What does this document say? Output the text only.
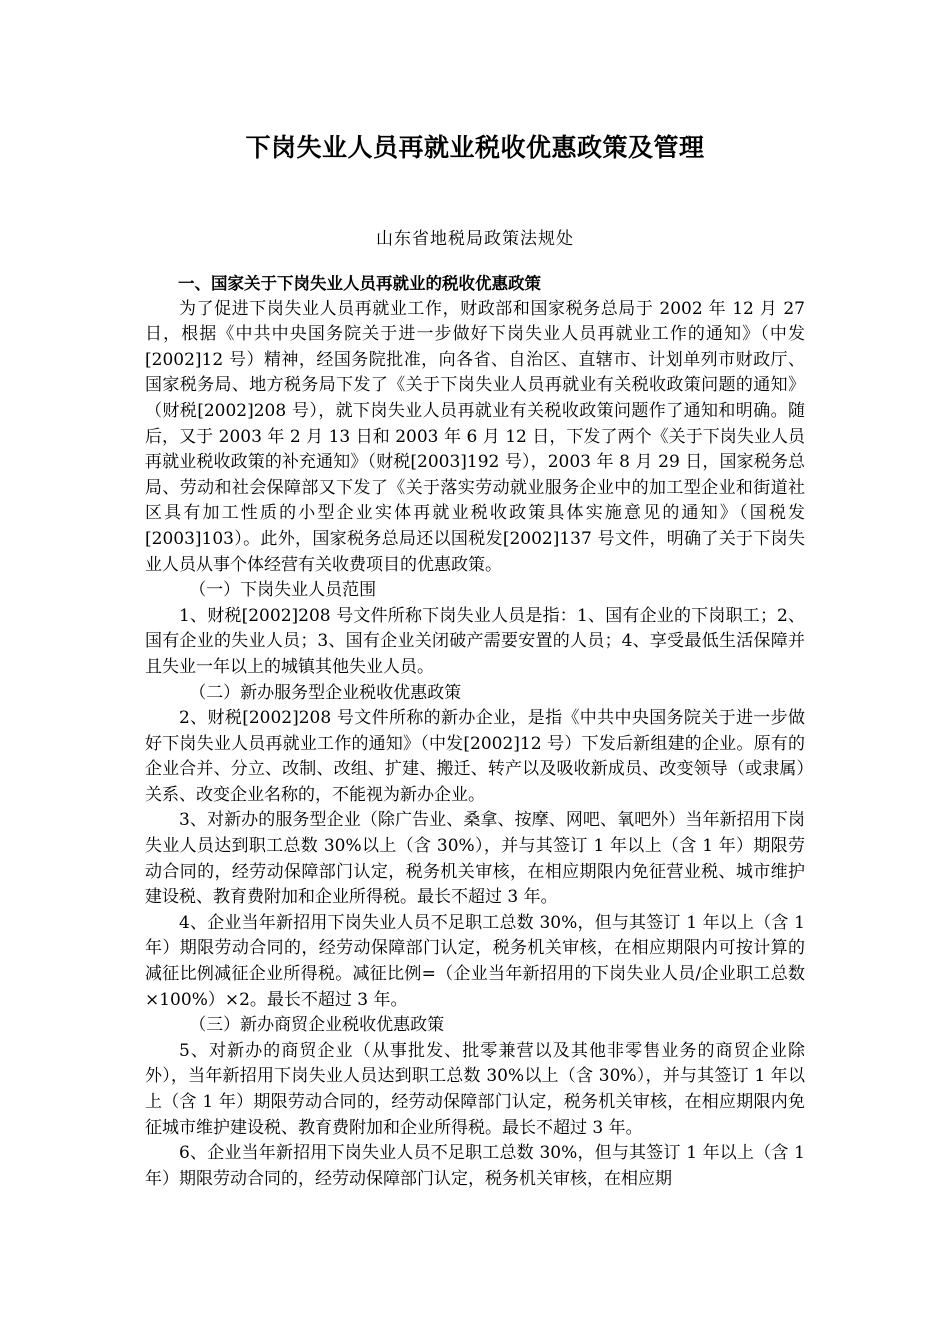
下岗失业人员再就业税收优惠政策及管理
山东省地税局政策法规处

一、国家关于下岗失业人员再就业的税收优惠政策

为了促进下岗失业人员再就业工作，财政部和国家税务总局于 2002 年 12 月 27 日，根据《中共中央国务院关于进一步做好下岗失业人员再就业工作的通知》（中发[2002]12 号）精神，经国务院批准，向各省、自治区、直辖市、计划单列市财政厅、国家税务局、地方税务局下发了《关于下岗失业人员再就业有关税收政策问题的通知》（财税[2002]208 号），就下岗失业人员再就业有关税收政策问题作了通知和明确。随后，又于 2003 年 2 月 13 日和 2003 年 6 月 12 日，下发了两个《关于下岗失业人员再就业税收政策的补充通知》（财税[2003]192 号），2003 年 8 月 29 日，国家税务总局、劳动和社会保障部又下发了《关于落实劳动就业服务企业中的加工型企业和街道社区具有加工性质的小型企业实体再就业税收政策具体实施意见的通知》（国税发[2003]103）。此外，国家税务总局还以国税发[2002]137 号文件，明确了关于下岗失业人员从事个体经营有关收费项目的优惠政策。

（一）下岗失业人员范围

1、财税[2002]208 号文件所称下岗失业人员是指：1、国有企业的下岗职工；2、国有企业的失业人员；3、国有企业关闭破产需要安置的人员；4、享受最低生活保障并且失业一年以上的城镇其他失业人员。

（二）新办服务型企业税收优惠政策

2、财税[2002]208 号文件所称的新办企业，是指《中共中央国务院关于进一步做好下岗失业人员再就业工作的通知》（中发[2002]12 号）下发后新组建的企业。原有的企业合并、分立、改制、改组、扩建、搬迁、转产以及吸收新成员、改变领导（或隶属）关系、改变企业名称的，不能视为新办企业。

3、对新办的服务型企业（除广告业、桑拿、按摩、网吧、氧吧外）当年新招用下岗失业人员达到职工总数 30%以上（含 30%），并与其签订 1 年以上（含 1 年）期限劳动合同的，经劳动保障部门认定，税务机关审核，在相应期限内免征营业税、城市维护建设税、教育费附加和企业所得税。最长不超过 3 年。

4、企业当年新招用下岗失业人员不足职工总数 30%，但与其签订 1 年以上（含 1 年）期限劳动合同的，经劳动保障部门认定，税务机关审核，在相应期限内可按计算的减征比例减征企业所得税。减征比例=（企业当年新招用的下岗失业人员/企业职工总数×100%）×2。最长不超过 3 年。

（三）新办商贸企业税收优惠政策

5、对新办的商贸企业（从事批发、批零兼营以及其他非零售业务的商贸企业除外），当年新招用下岗失业人员达到职工总数 30%以上（含 30%），并与其签订 1 年以上（含 1 年）期限劳动合同的，经劳动保障部门认定，税务机关审核，在相应期限内免征城市维护建设税、教育费附加和企业所得税。最长不超过 3 年。

6、企业当年新招用下岗失业人员不足职工总数 30%，但与其签订 1 年以上（含 1 年）期限劳动合同的，经劳动保障部门认定，税务机关审核，在相应期
